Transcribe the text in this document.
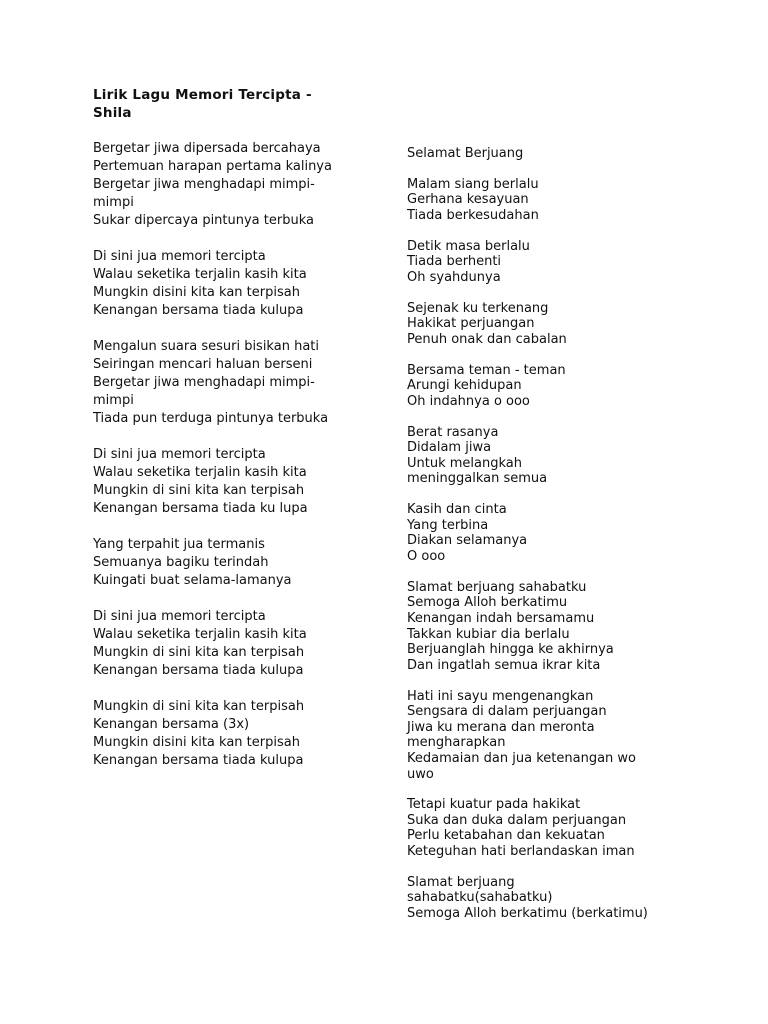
Lirik Lagu Memori Tercipta -
Shila
Bergetar jiwa dipersada bercahaya
Pertemuan harapan pertama kalinya
Bergetar jiwa menghadapi mimpi-
mimpi
Sukar dipercaya pintunya terbuka
Di sini jua memori tercipta
Walau seketika terjalin kasih kita
Mungkin disini kita kan terpisah
Kenangan bersama tiada kulupa
Mengalun suara sesuri bisikan hati
Seiringan mencari haluan berseni
Bergetar jiwa menghadapi mimpi-
mimpi
Tiada pun terduga pintunya terbuka
Di sini jua memori tercipta
Walau seketika terjalin kasih kita
Mungkin di sini kita kan terpisah
Kenangan bersama tiada ku lupa
Yang terpahit jua termanis
Semuanya bagiku terindah
Kuingati buat selama-lamanya
Di sini jua memori tercipta
Walau seketika terjalin kasih kita
Mungkin di sini kita kan terpisah
Kenangan bersama tiada kulupa
Mungkin di sini kita kan terpisah
Kenangan bersama (3x)
Mungkin disini kita kan terpisah
Kenangan bersama tiada kulupa
Selamat Berjuang
Malam siang berlalu
Gerhana kesayuan
Tiada berkesudahan
Detik masa berlalu
Tiada berhenti
Oh syahdunya
Sejenak ku terkenang
Hakikat perjuangan
Penuh onak dan cabalan
Bersama teman - teman
Arungi kehidupan
Oh indahnya o ooo
Berat rasanya
Didalam jiwa
Untuk melangkah
meninggalkan semua
Kasih dan cinta
Yang terbina
Diakan selamanya
O ooo
Slamat berjuang sahabatku
Semoga Alloh berkatimu
Kenangan indah bersamamu
Takkan kubiar dia berlalu
Berjuanglah hingga ke akhirnya
Dan ingatlah semua ikrar kita
Hati ini sayu mengenangkan
Sengsara di dalam perjuangan
Jiwa ku merana dan meronta
mengharapkan
Kedamaian dan jua ketenangan wo
uwo
Tetapi kuatur pada hakikat
Suka dan duka dalam perjuangan
Perlu ketabahan dan kekuatan
Keteguhan hati berlandaskan iman
Slamat berjuang
sahabatku(sahabatku)
Semoga Alloh berkatimu (berkatimu)
